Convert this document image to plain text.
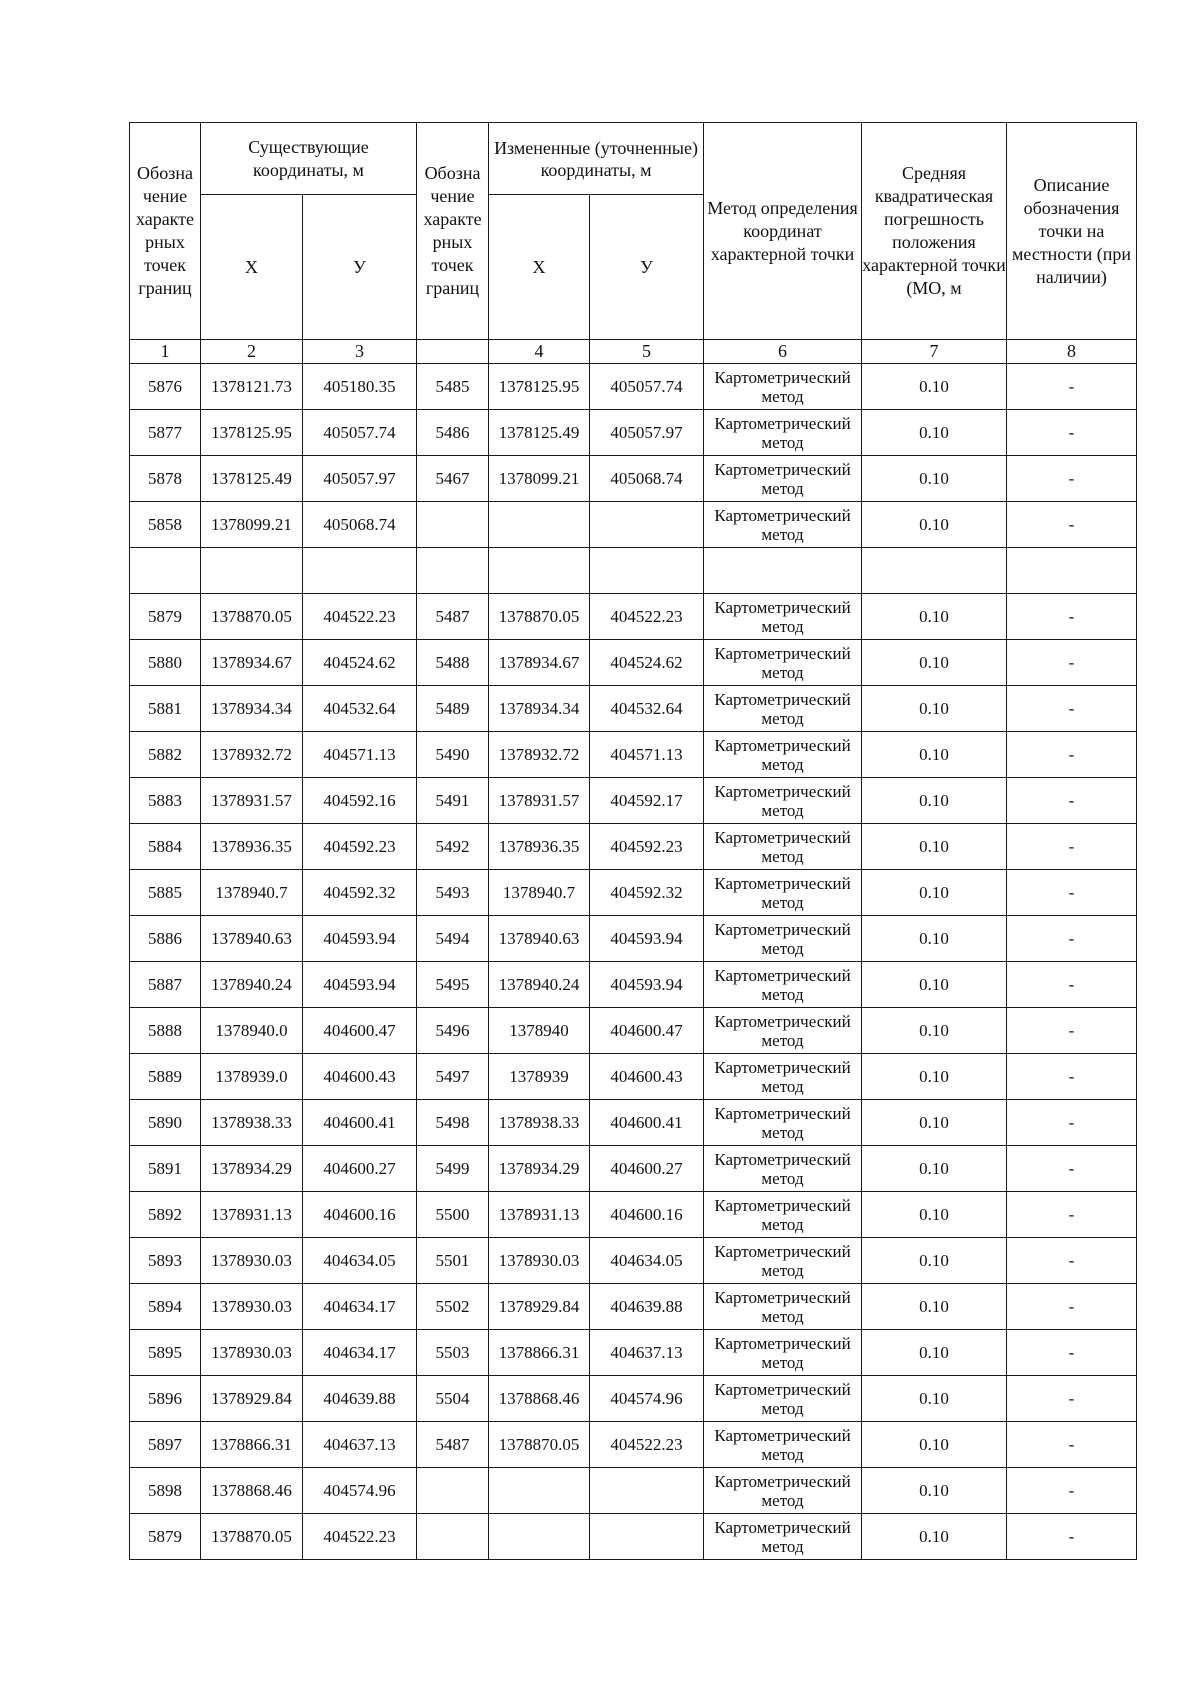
Обозна чение характе рных точек границ	Существующие координаты, м		Обозна чение характе рных точек границ	Измененные (уточненные) координаты, м		Метод определения координат характерной точки	Средняя квадратическая погрешность положения характерной точки (МО, м	Описание обозначения точки на местности (при наличии)
	X	У		X	У			
1	2	3		4	5	6	7	8
5876	1378121.73	405180.35	5485	1378125.95	405057.74	Картометрический метод	0.10	-
5877	1378125.95	405057.74	5486	1378125.49	405057.97	Картометрический метод	0.10	-
5878	1378125.49	405057.97	5467	1378099.21	405068.74	Картометрический метод	0.10	-
5858	1378099.21	405068.74				Картометрический метод	0.10	-

5879	1378870.05	404522.23	5487	1378870.05	404522.23	Картометрический метод	0.10	-
5880	1378934.67	404524.62	5488	1378934.67	404524.62	Картометрический метод	0.10	-
5881	1378934.34	404532.64	5489	1378934.34	404532.64	Картометрический метод	0.10	-
5882	1378932.72	404571.13	5490	1378932.72	404571.13	Картометрический метод	0.10	-
5883	1378931.57	404592.16	5491	1378931.57	404592.17	Картометрический метод	0.10	-
5884	1378936.35	404592.23	5492	1378936.35	404592.23	Картометрический метод	0.10	-
5885	1378940.7	404592.32	5493	1378940.7	404592.32	Картометрический метод	0.10	-
5886	1378940.63	404593.94	5494	1378940.63	404593.94	Картометрический метод	0.10	-
5887	1378940.24	404593.94	5495	1378940.24	404593.94	Картометрический метод	0.10	-
5888	1378940.0	404600.47	5496	1378940	404600.47	Картометрический метод	0.10	-
5889	1378939.0	404600.43	5497	1378939	404600.43	Картометрический метод	0.10	-
5890	1378938.33	404600.41	5498	1378938.33	404600.41	Картометрический метод	0.10	-
5891	1378934.29	404600.27	5499	1378934.29	404600.27	Картометрический метод	0.10	-
5892	1378931.13	404600.16	5500	1378931.13	404600.16	Картометрический метод	0.10	-
5893	1378930.03	404634.05	5501	1378930.03	404634.05	Картометрический метод	0.10	-
5894	1378930.03	404634.17	5502	1378929.84	404639.88	Картометрический метод	0.10	-
5895	1378930.03	404634.17	5503	1378866.31	404637.13	Картометрический метод	0.10	-
5896	1378929.84	404639.88	5504	1378868.46	404574.96	Картометрический метод	0.10	-
5897	1378866.31	404637.13	5487	1378870.05	404522.23	Картометрический метод	0.10	-
5898	1378868.46	404574.96				Картометрический метод	0.10	-
5879	1378870.05	404522.23				Картометрический метод	0.10	-
